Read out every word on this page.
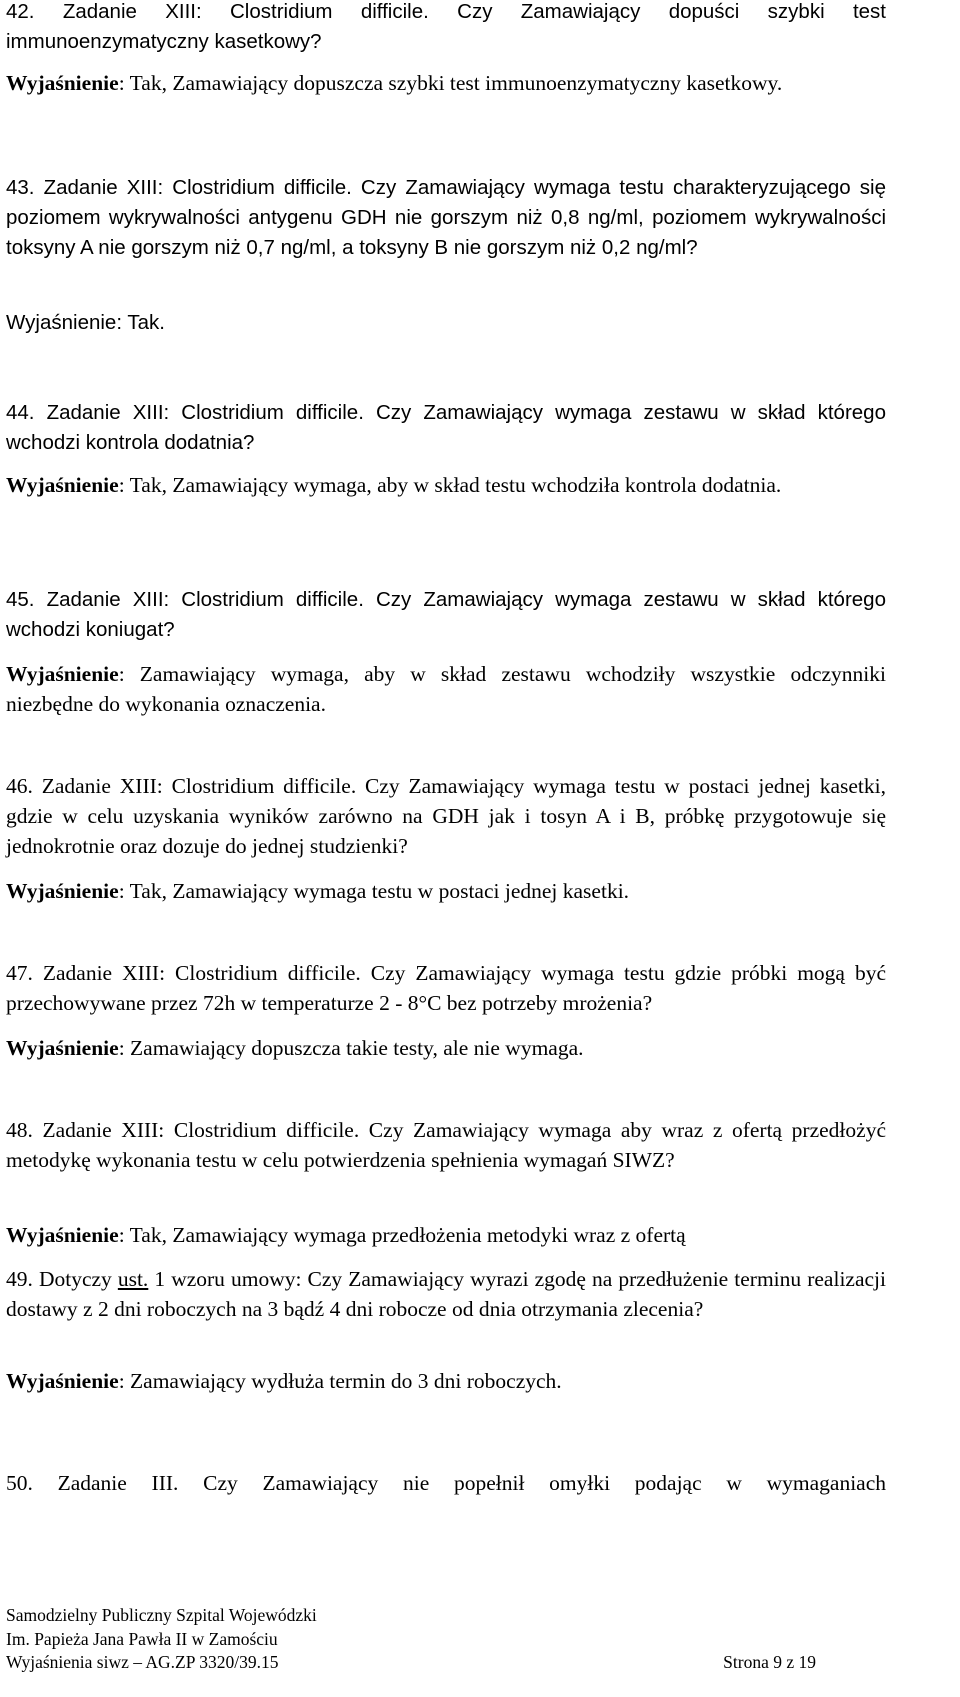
42. Zadanie XIII: Clostridium difficile. Czy Zamawiający dopuści szybki test immunoenzymatyczny kasetkowy?

Wyjaśnienie: Tak, Zamawiający dopuszcza szybki test immunoenzymatyczny kasetkowy.

43. Zadanie XIII: Clostridium difficile. Czy Zamawiający wymaga testu charakteryzującego się poziomem wykrywalności antygenu GDH nie gorszym niż 0,8 ng/ml, poziomem wykrywalności toksyny A nie gorszym niż 0,7 ng/ml, a toksyny B nie gorszym niż 0,2 ng/ml?

Wyjaśnienie: Tak.

44. Zadanie XIII: Clostridium difficile. Czy Zamawiający wymaga zestawu w skład którego wchodzi kontrola dodatnia?

Wyjaśnienie: Tak, Zamawiający wymaga, aby w skład testu wchodziła kontrola dodatnia.

45. Zadanie XIII: Clostridium difficile. Czy Zamawiający wymaga zestawu w skład którego wchodzi koniugat?

Wyjaśnienie: Zamawiający wymaga, aby w skład zestawu wchodziły wszystkie odczynniki niezbędne do wykonania oznaczenia.

46. Zadanie XIII: Clostridium difficile. Czy Zamawiający wymaga testu w postaci jednej kasetki, gdzie w celu uzyskania wyników zarówno na GDH jak i tosyn A i B, próbkę przygotowuje się jednokrotnie oraz dozuje do jednej studzienki?

Wyjaśnienie: Tak, Zamawiający wymaga testu w postaci jednej kasetki.

47. Zadanie XIII: Clostridium difficile. Czy Zamawiający wymaga testu gdzie próbki mogą być przechowywane przez 72h w temperaturze 2 - 8°C bez potrzeby mrożenia?

Wyjaśnienie: Zamawiający dopuszcza takie testy, ale nie wymaga.

48. Zadanie XIII: Clostridium difficile. Czy Zamawiający wymaga aby wraz z ofertą przedłożyć metodykę wykonania testu w celu potwierdzenia spełnienia wymagań SIWZ?

Wyjaśnienie: Tak, Zamawiający wymaga przedłożenia metodyki wraz z ofertą

49. Dotyczy ust. 1 wzoru umowy: Czy Zamawiający wyrazi zgodę na przedłużenie terminu realizacji dostawy z 2 dni roboczych na 3 bądź 4 dni robocze od dnia otrzymania zlecenia?

Wyjaśnienie: Zamawiający wydłuża termin do 3 dni roboczych.

50. Zadanie III. Czy Zamawiający nie popełnił omyłki podając w wymaganiach

Samodzielny Publiczny Szpital Wojewódzki
Im. Papieża Jana Pawła II w Zamościu
Wyjaśnienia siwz – AG.ZP 3320/39.15	Strona 9 z 19
